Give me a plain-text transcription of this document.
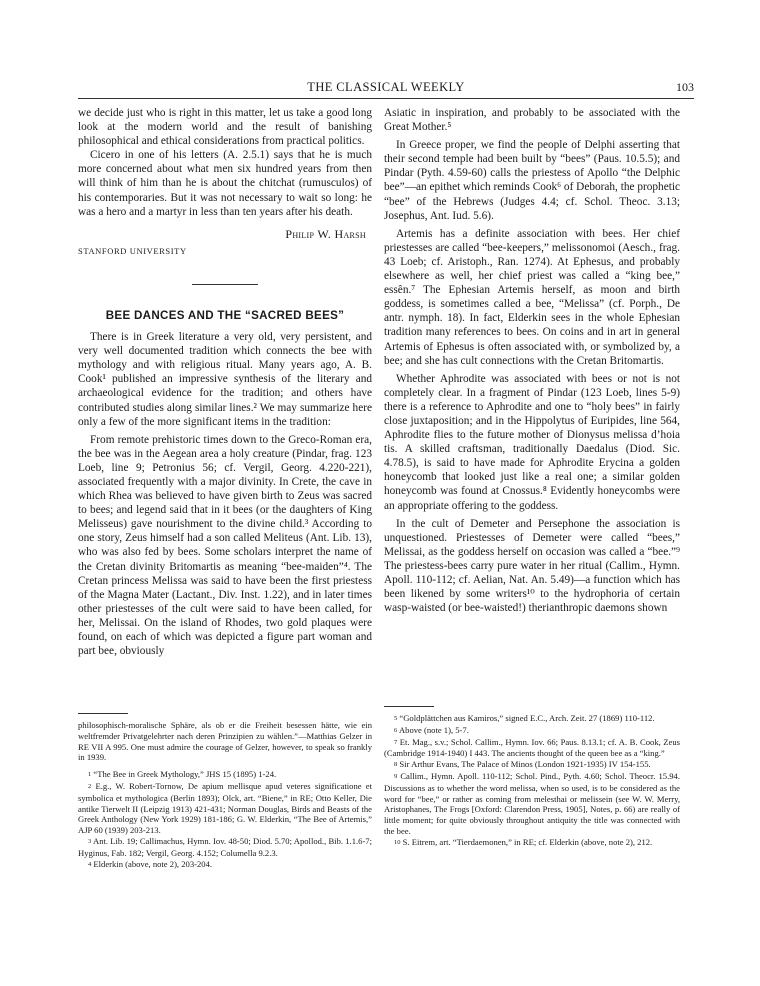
THE CLASSICAL WEEKLY	103

we decide just who is right in this matter, let us take a good long look at the modern world and the result of banishing philosophical and ethical considerations from practical politics.

Cicero in one of his letters (A. 2.5.1) says that he is much more concerned about what men six hundred years from then will think of him than he is about the chitchat (rumusculos) of his contemporaries. But it was not necessary to wait so long: he was a hero and a martyr in less than ten years after his death.

Philip W. Harsh
STANFORD UNIVERSITY
BEE DANCES AND THE “SACRED BEES”

There is in Greek literature a very old, very persistent, and very well documented tradition which connects the bee with mythology and with religious ritual. Many years ago, A. B. Cook¹ published an impressive synthesis of the literary and archaeological evidence for the tradition; and others have contributed studies along similar lines.² We may summarize here only a few of the more significant items in the tradition:

From remote prehistoric times down to the Greco-Roman era, the bee was in the Aegean area a holy creature (Pindar, frag. 123 Loeb, line 9; Petronius 56; cf. Vergil, Georg. 4.220-221), associated frequently with a major divinity. In Crete, the cave in which Rhea was believed to have given birth to Zeus was sacred to bees; and legend said that in it bees (or the daughters of King Melisseus) gave nourishment to the divine child.³ According to one story, Zeus himself had a son called Meliteus (Ant. Lib. 13), who was also fed by bees. Some scholars interpret the name of the Cretan divinity Britomartis as meaning “bee-maiden”⁴. The Cretan princess Melissa was said to have been the first priestess of the Magna Mater (Lactant., Div. Inst. 1.22), and in later times other priestesses of the cult were said to have been called, for her, Melissai. On the island of Rhodes, two gold plaques were found, on each of which was depicted a figure part woman and part bee, obviously

philosophisch-moralische Sphäre, als ob er die Freiheit besessen hätte, wie ein weltfremder Privatgelehrter nach deren Prinzipien zu wählen.”—Matthias Gelzer in RE VII A 995. One must admire the courage of Gelzer, however, to speak so frankly in 1939.

1 “The Bee in Greek Mythology,” JHS 15 (1895) 1-24.

2 E.g., W. Robert-Tornow, De apium mellisque apud veteres significatione et symbolica et mythologica (Berlin 1893); Olck, art. “Biene,” in RE; Otto Keller, Die antike Tierwelt II (Leipzig 1913) 421-431; Norman Douglas, Birds and Beasts of the Greek Anthology (New York 1929) 181-186; G. W. Elderkin, “The Bee of Artemis,” AJP 60 (1939) 203-213.

3 Ant. Lib. 19; Callimachus, Hymn. Iov. 48-50; Diod. 5.70; Apollod., Bib. 1.1.6-7; Hyginus, Fab. 182; Vergil, Georg. 4.152; Columella 9.2.3.

4 Elderkin (above, note 2), 203-204.

Asiatic in inspiration, and probably to be associated with the Great Mother.⁵

In Greece proper, we find the people of Delphi asserting that their second temple had been built by “bees” (Paus. 10.5.5); and Pindar (Pyth. 4.59-60) calls the priestess of Apollo “the Delphic bee”—an epithet which reminds Cook⁶ of Deborah, the prophetic “bee” of the Hebrews (Judges 4.4; cf. Schol. Theoc. 3.13; Josephus, Ant. Iud. 5.6).

Artemis has a definite association with bees. Her chief priestesses are called “bee-keepers,” melissonomoi (Aesch., frag. 43 Loeb; cf. Aristoph., Ran. 1274). At Ephesus, and probably elsewhere as well, her chief priest was called a “king bee,” essên.⁷ The Ephesian Artemis herself, as moon and birth goddess, is sometimes called a bee, “Melissa” (cf. Porph., De antr. nymph. 18). In fact, Elderkin sees in the whole Ephesian tradition many references to bees. On coins and in art in general Artemis of Ephesus is often associated with, or symbolized by, a bee; and she has cult connections with the Cretan Britomartis.

Whether Aphrodite was associated with bees or not is not completely clear. In a fragment of Pindar (123 Loeb, lines 5-9) there is a reference to Aphrodite and one to “holy bees” in fairly close juxtaposition; and in the Hippolytus of Euripides, line 564, Aphrodite flies to the future mother of Dionysus melissa d’hoia tis. A skilled craftsman, traditionally Daedalus (Diod. Sic. 4.78.5), is said to have made for Aphrodite Erycina a golden honeycomb that looked just like a real one; a similar golden honeycomb was found at Cnossus.⁸ Evidently honeycombs were an appropriate offering to the goddess.

In the cult of Demeter and Persephone the association is unquestioned. Priestesses of Demeter were called “bees,” Melissai, as the goddess herself on occasion was called a “bee.”⁹ The priestess-bees carry pure water in her ritual (Callim., Hymn. Apoll. 110-112; cf. Aelian, Nat. An. 5.49)—a function which has been likened by some writers¹⁰ to the hydrophoria of certain wasp-waisted (or bee-waisted!) therianthropic daemons shown

5 “Goldplättchen aus Kamiros,” signed E.C., Arch. Zeit. 27 (1869) 110-112.

6 Above (note 1), 5-7.

7 Et. Mag., s.v.; Schol. Callim., Hymn. Iov. 66; Paus. 8.13.1; cf. A. B. Cook, Zeus (Cambridge 1914-1940) I 443. The ancients thought of the queen bee as a “king.”

8 Sir Arthur Evans, The Palace of Minos (London 1921-1935) IV 154-155.

9 Callim., Hymn. Apoll. 110-112; Schol. Pind., Pyth. 4.60; Schol. Theocr. 15.94. Discussions as to whether the word melissa, when so used, is to be considered as the word for “bee,” or rather as coming from melesthai or melissein (see W. W. Merry, Aristophanes, The Frogs [Oxford: Clarendon Press, 1905], Notes, p. 66) are really of little moment; for quite obviously throughout antiquity the title was connected with the bee.

10 S. Eitrem, art. “Tierdaemonen,” in RE; cf. Elderkin (above, note 2), 212.
